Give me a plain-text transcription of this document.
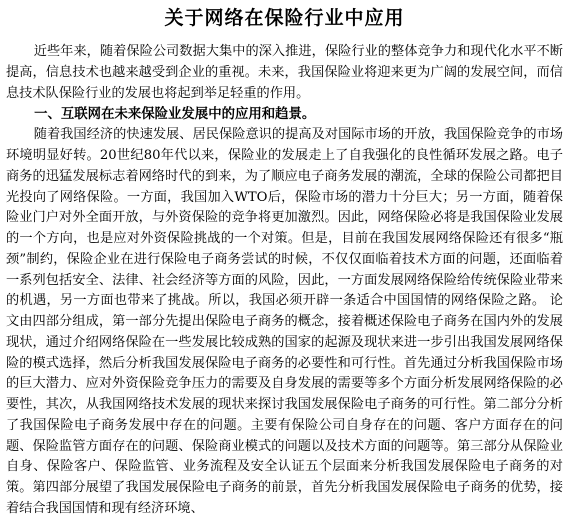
关于网络在保险行业中应用

近些年来，随着保险公司数据大集中的深入推进，保险行业的整体竞争力和现代化水平不断提高，信息技术也越来越受到企业的重视。未来，我国保险业将迎来更为广阔的发展空间，而信息技术队保险行业的发展也将起到举足轻重的作用。

一、互联网在未来保险业发展中的应用和趋景。

随着我国经济的快速发展、居民保险意识的提高及对国际市场的开放，我国保险竞争的市场环境明显好转。20世纪80年代以来，保险业的发展走上了自我强化的良性循环发展之路。电子商务的迅猛发展标志着网络时代的到来，为了顺应电子商务发展的潮流，全球的保险公司都把目光投向了网络保险。一方面，我国加入WTO后，保险市场的潜力十分巨大；另一方面，随着保险业门户对外全面开放，与外资保险的竞争将更加激烈。因此，网络保险必将是我国保险业发展的一个方向，也是应对外资保险挑战的一个对策。但是，目前在我国发展网络保险还有很多“瓶颈”制约，保险企业在进行保险电子商务尝试的时候，不仅仅面临着技术方面的问题，还面临着一系列包括安全、法律、社会经济等方面的风险，因此，一方面发展网络保险给传统保险业带来的机遇，另一方面也带来了挑战。所以，我国必须开辟一条适合中国国情的网络保险之路。 论文由四部分组成，第一部分先提出保险电子商务的概念，接着概述保险电子商务在国内外的发展现状，通过介绍网络保险在一些发展比较成熟的国家的起源及现状来进一步引出我国发展网络保险的模式选择，然后分析我国发展保险电子商务的必要性和可行性。首先通过分析我国保险市场的巨大潜力、应对外资保险竞争压力的需要及自身发展的需要等多个方面分析发展网络保险的必要性，其次，从我国网络技术发展的现状来探讨我国发展保险电子商务的可行性。第二部分分析了我国保险电子商务发展中存在的问题。主要有保险公司自身存在的问题、客户方面存在的问题、保险监管方面存在的问题、保险商业模式的问题以及技术方面的问题等。第三部分从保险业自身、保险客户、保险监管、业务流程及安全认证五个层面来分析我国发展保险电子商务的对策。第四部分展望了我国发展保险电子商务的前景，首先分析我国发展保险电子商务的优势，接着结合我国国情和现有经济环境、
